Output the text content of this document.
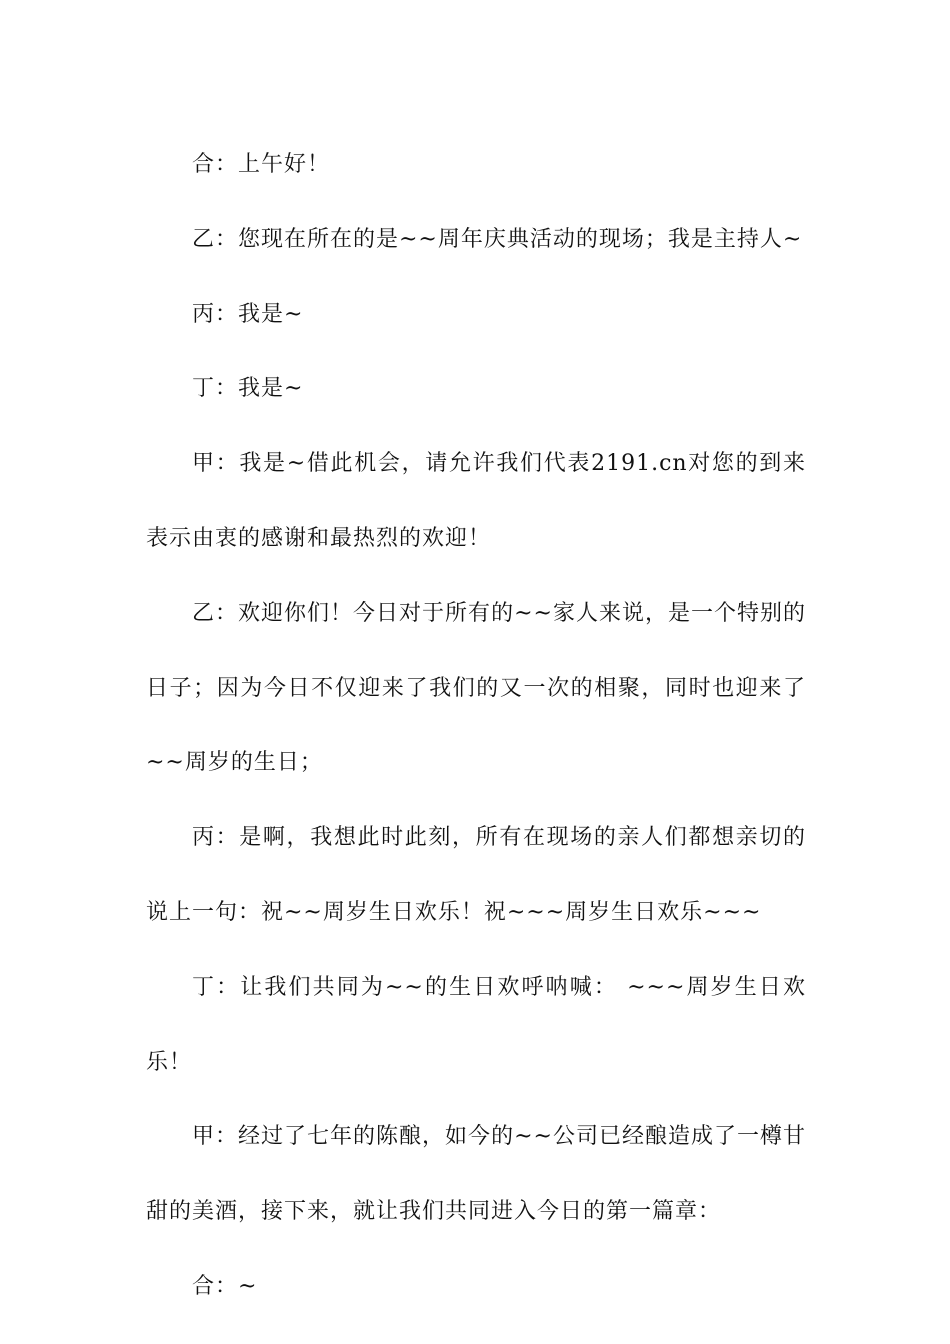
合：上午好！

乙：您现在所在的是~~周年庆典活动的现场；我是主持人~

丙：我是~

丁：我是~

甲：我是~借此机会，请允许我们代表2191.cn对您的到来表示由衷的感谢和最热烈的欢迎！

乙：欢迎你们！今日对于所有的~~家人来说，是一个特别的日子；因为今日不仅迎来了我们的又一次的相聚，同时也迎来了~~周岁的生日；

丙：是啊，我想此时此刻，所有在现场的亲人们都想亲切的说上一句：祝~~周岁生日欢乐！祝~~~周岁生日欢乐~~~

丁：让我们共同为~~的生日欢呼呐喊： ~~~周岁生日欢乐！

甲：经过了七年的陈酿，如今的~~公司已经酿造成了一樽甘甜的美酒，接下来，就让我们共同进入今日的第一篇章：

合：~
